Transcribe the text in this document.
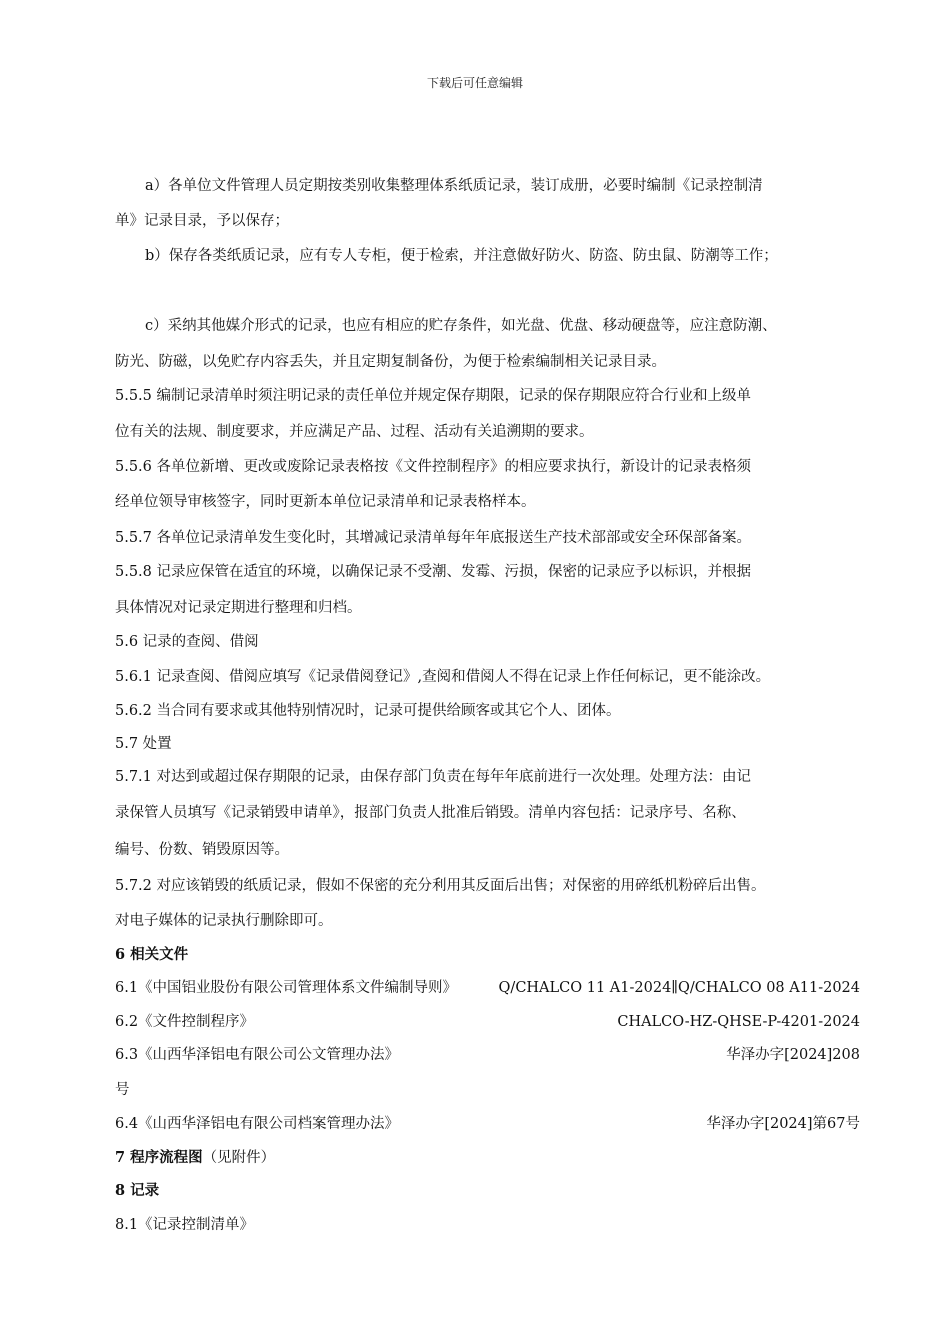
下载后可任意编辑
a）各单位文件管理人员定期按类别收集整理体系纸质记录，装订成册，必要时编制《记录控制清
单》记录目录，予以保存；
b）保存各类纸质记录，应有专人专柜，便于检索，并注意做好防火、防盗、防虫鼠、防潮等工作；
c）采纳其他媒介形式的记录，也应有相应的贮存条件，如光盘、优盘、移动硬盘等，应注意防潮、
防光、防磁，以免贮存内容丢失，并且定期复制备份，为便于检索编制相关记录目录。
5.5.5 编制记录清单时须注明记录的责任单位并规定保存期限，记录的保存期限应符合行业和上级单
位有关的法规、制度要求，并应满足产品、过程、活动有关追溯期的要求。
5.5.6 各单位新增、更改或废除记录表格按《文件控制程序》的相应要求执行，新设计的记录表格须
经单位领导审核签字，同时更新本单位记录清单和记录表格样本。
5.5.7 各单位记录清单发生变化时，其增减记录清单每年年底报送生产技术部部或安全环保部备案。
5.5.8 记录应保管在适宜的环境，以确保记录不受潮、发霉、污损，保密的记录应予以标识，并根据
具体情况对记录定期进行整理和归档。
5.6 记录的查阅、借阅
5.6.1 记录查阅、借阅应填写《记录借阅登记》,查阅和借阅人不得在记录上作任何标记，更不能涂改。
5.6.2 当合同有要求或其他特别情况时，记录可提供给顾客或其它个人、团体。
5.7 处置
5.7.1 对达到或超过保存期限的记录，由保存部门负责在每年年底前进行一次处理。处理方法：由记
录保管人员填写《记录销毁申请单》，报部门负责人批准后销毁。清单内容包括：记录序号、名称、
编号、份数、销毁原因等。
5.7.2 对应该销毁的纸质记录，假如不保密的充分利用其反面后出售；对保密的用碎纸机粉碎后出售。
对电子媒体的记录执行删除即可。
6 相关文件
6.1《中国铝业股份有限公司管理体系文件编制导则》	Q/CHALCO 11 A1-2024∥Q/CHALCO 08 A11-2024
6.2《文件控制程序》	CHALCO-HZ-QHSE-P-4201-2024
6.3《山西华泽铝电有限公司公文管理办法》	华泽办字[2024]208
号
6.4《山西华泽铝电有限公司档案管理办法》	华泽办字[2024]第67号
7 程序流程图（见附件）
8 记录
8.1《记录控制清单》
